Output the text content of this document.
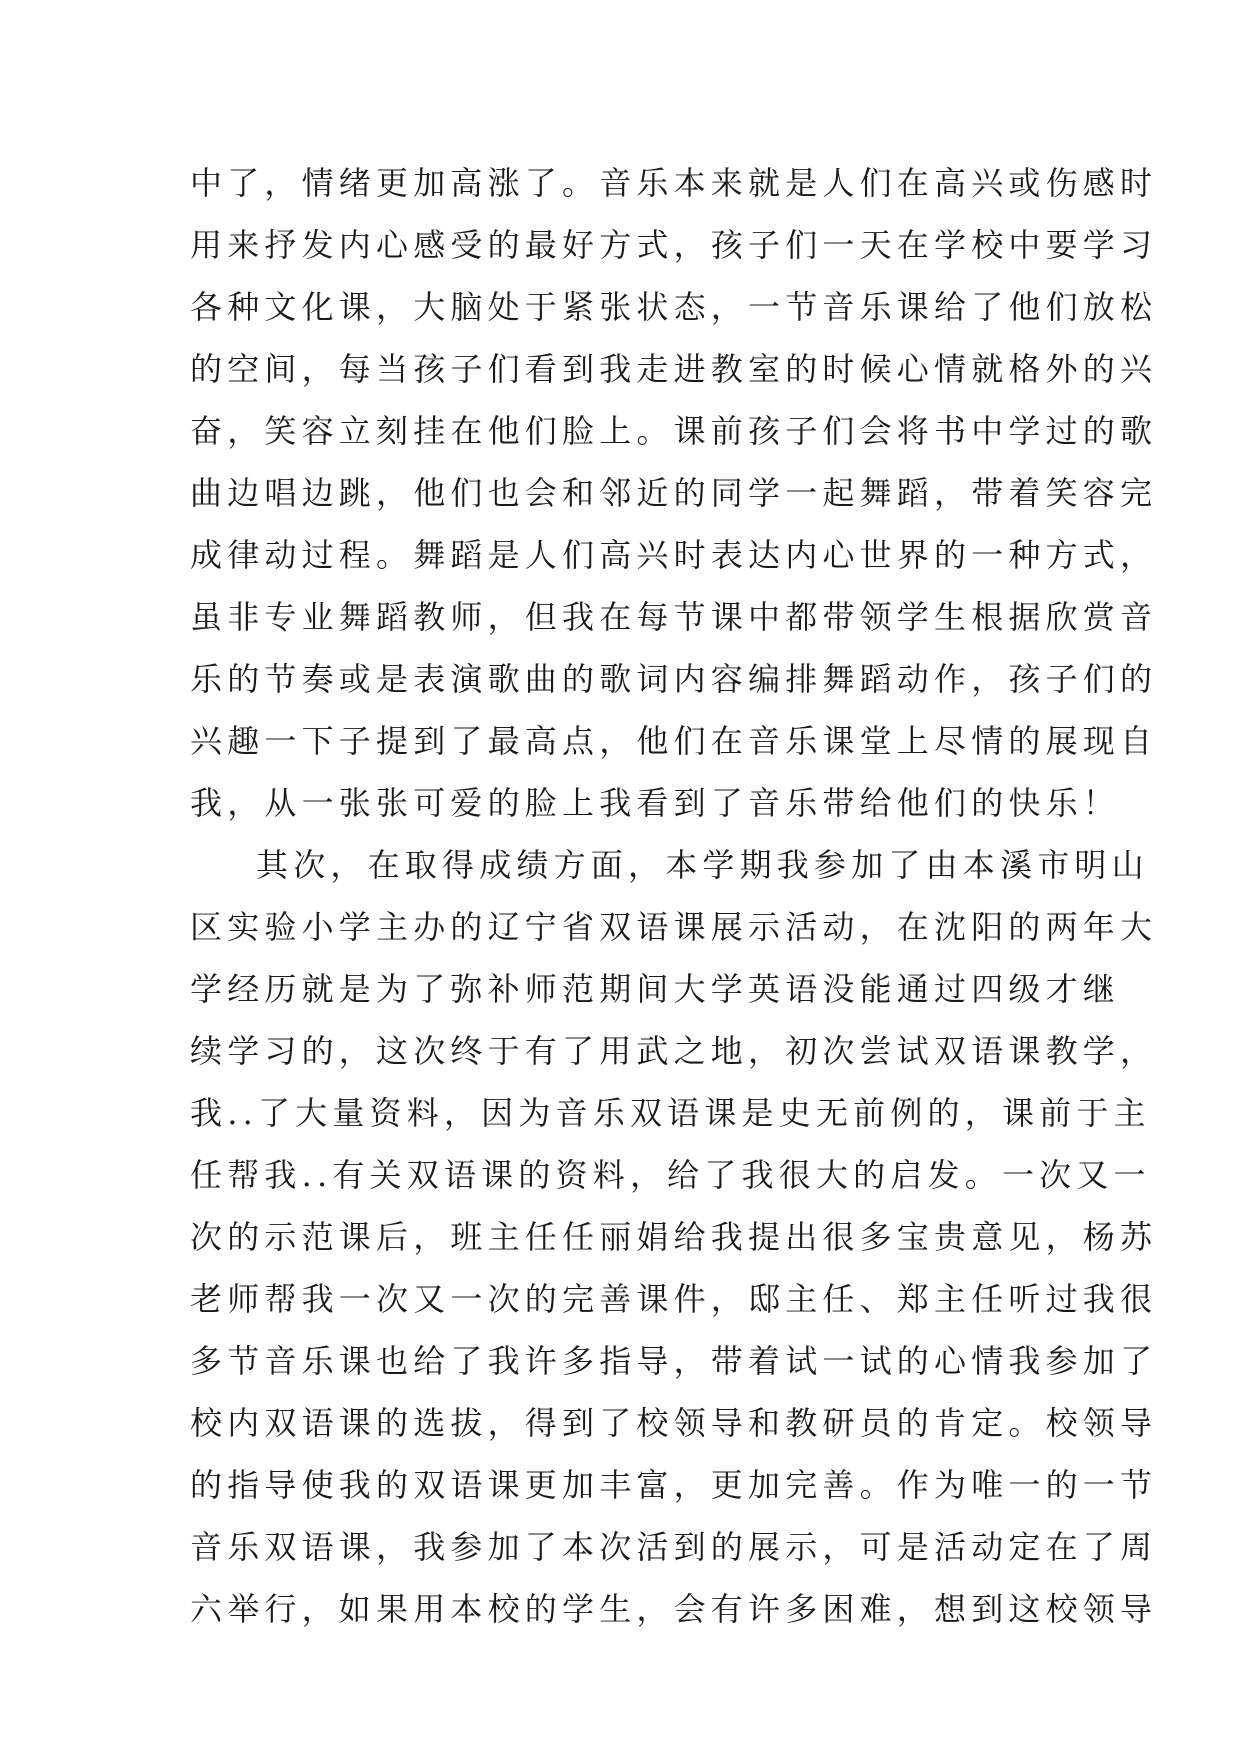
中了，情绪更加高涨了。音乐本来就是人们在高兴或伤感时
用来抒发内心感受的最好方式，孩子们一天在学校中要学习
各种文化课，大脑处于紧张状态，一节音乐课给了他们放松
的空间，每当孩子们看到我走进教室的时候心情就格外的兴
奋，笑容立刻挂在他们脸上。课前孩子们会将书中学过的歌
曲边唱边跳，他们也会和邻近的同学一起舞蹈，带着笑容完
成律动过程。舞蹈是人们高兴时表达内心世界的一种方式，
虽非专业舞蹈教师，但我在每节课中都带领学生根据欣赏音
乐的节奏或是表演歌曲的歌词内容编排舞蹈动作，孩子们的
兴趣一下子提到了最高点，他们在音乐课堂上尽情的展现自
我，从一张张可爱的脸上我看到了音乐带给他们的快乐！
其次，在取得成绩方面，本学期我参加了由本溪市明山
区实验小学主办的辽宁省双语课展示活动，在沈阳的两年大
学经历就是为了弥补师范期间大学英语没能通过四级才继
续学习的，这次终于有了用武之地，初次尝试双语课教学，
我..了大量资料，因为音乐双语课是史无前例的，课前于主
任帮我..有关双语课的资料，给了我很大的启发。一次又一
次的示范课后，班主任任丽娟给我提出很多宝贵意见，杨苏
老师帮我一次又一次的完善课件，邸主任、郑主任听过我很
多节音乐课也给了我许多指导，带着试一试的心情我参加了
校内双语课的选拔，得到了校领导和教研员的肯定。校领导
的指导使我的双语课更加丰富，更加完善。作为唯一的一节
音乐双语课，我参加了本次活到的展示，可是活动定在了周
六举行，如果用本校的学生，会有许多困难，想到这校领导
